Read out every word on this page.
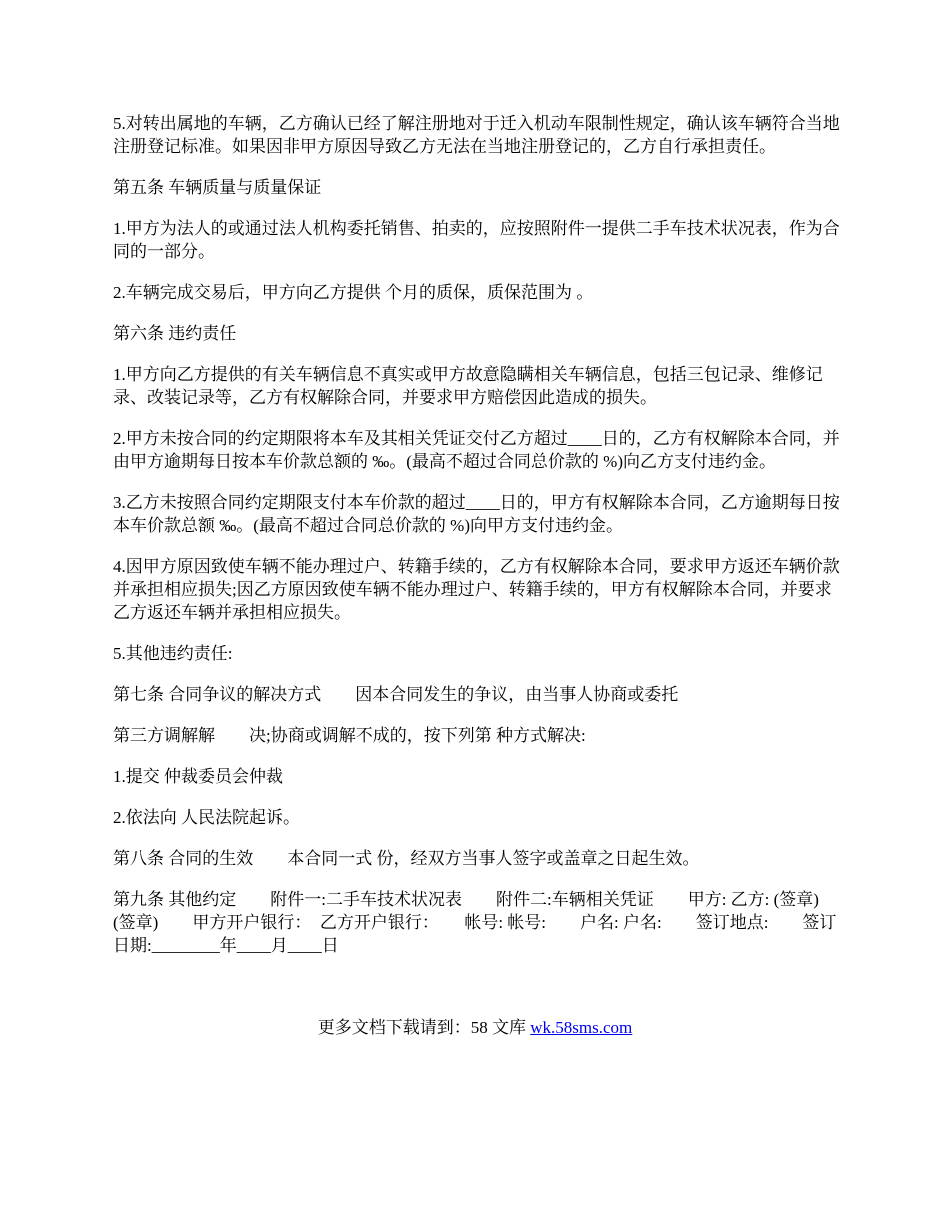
5.对转出属地的车辆，乙方确认已经了解注册地对于迁入机动车限制性规定，确认该车辆符合当地注册登记标准。如果因非甲方原因导致乙方无法在当地注册登记的，乙方自行承担责任。

第五条 车辆质量与质量保证

1.甲方为法人的或通过法人机构委托销售、拍卖的，应按照附件一提供二手车技术状况表，作为合同的一部分。

2.车辆完成交易后，甲方向乙方提供 个月的质保，质保范围为 。

第六条 违约责任

1.甲方向乙方提供的有关车辆信息不真实或甲方故意隐瞒相关车辆信息，包括三包记录、维修记录、改装记录等，乙方有权解除合同，并要求甲方赔偿因此造成的损失。

2.甲方未按合同的约定期限将本车及其相关凭证交付乙方超过____日的，乙方有权解除本合同，并由甲方逾期每日按本车价款总额的 ‰。(最高不超过合同总价款的 %)向乙方支付违约金。

3.乙方未按照合同约定期限支付本车价款的超过____日的，甲方有权解除本合同，乙方逾期每日按本车价款总额 ‰。(最高不超过合同总价款的 %)向甲方支付违约金。

4.因甲方原因致使车辆不能办理过户、转籍手续的，乙方有权解除本合同，要求甲方返还车辆价款并承担相应损失;因乙方原因致使车辆不能办理过户、转籍手续的，甲方有权解除本合同，并要求乙方返还车辆并承担相应损失。

5.其他违约责任:

第七条 合同争议的解决方式　　因本合同发生的争议，由当事人协商或委托

第三方调解解　　决;协商或调解不成的，按下列第 种方式解决:

1.提交 仲裁委员会仲裁

2.依法向 人民法院起诉。

第八条 合同的生效　　本合同一式 份，经双方当事人签字或盖章之日起生效。

第九条 其他约定　　附件一:二手车技术状况表　　附件二:车辆相关凭证　　甲方: 乙方: (签章) (签章)　　甲方开户银行：　乙方开户银行：　　帐号: 帐号:　　户名: 户名:　　签订地点:　　签订日期:________年____月____日

更多文档下载请到：58 文库 wk.58sms.com
